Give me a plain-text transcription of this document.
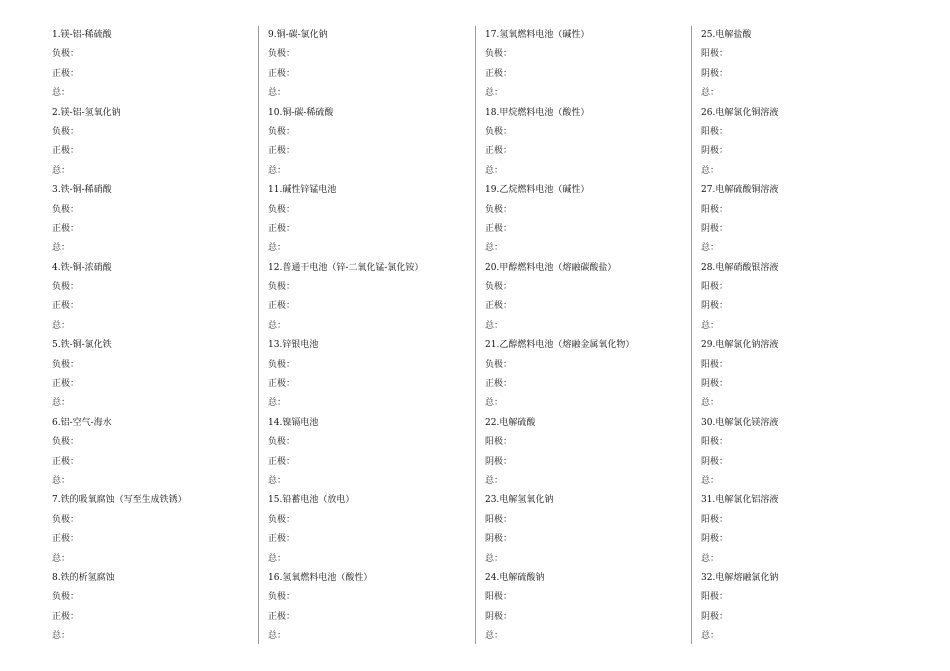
1.镁-铝-稀硫酸
负极：
正极：
总：
2.镁-铝-氢氧化钠
负极：
正极：
总：
3.铁-铜-稀硝酸
负极：
正极：
总：
4.铁-铜-浓硝酸
负极：
正极：
总：
5.铁-铜-氯化铁
负极：
正极：
总：
6.铝-空气-海水
负极：
正极：
总：
7.铁的吸氧腐蚀（写至生成铁锈）
负极：
正极：
总：
8.铁的析氢腐蚀
负极：
正极：
总：
9.铜-碳-氯化钠
负极：
正极：
总：
10.铜-碳-稀硫酸
负极：
正极：
总：
11.碱性锌锰电池
负极：
正极：
总：
12.普通干电池（锌-二氧化锰-氯化铵）
负极：
正极：
总：
13.锌银电池
负极：
正极：
总：
14.镍镉电池
负极：
正极：
总：
15.铅蓄电池（放电）
负极：
正极：
总：
16.氢氧燃料电池（酸性）
负极：
正极：
总：
17.氢氧燃料电池（碱性）
负极：
正极：
总：
18.甲烷燃料电池（酸性）
负极：
正极：
总：
19.乙烷燃料电池（碱性）
负极：
正极：
总：
20.甲醇燃料电池（熔融碳酸盐）
负极：
正极：
总：
21.乙醇燃料电池（熔融金属氧化物）
负极：
正极：
总：
22.电解硫酸
阳极：
阴极：
总：
23.电解氢氧化钠
阳极：
阴极：
总：
24.电解硫酸钠
阳极：
阴极：
总：
25.电解盐酸
阳极：
阴极：
总：
26.电解氯化铜溶液
阳极：
阴极：
总：
27.电解硫酸铜溶液
阳极：
阴极：
总：
28.电解硝酸银溶液
阳极：
阴极：
总：
29.电解氯化钠溶液
阳极：
阴极：
总：
30.电解氯化镁溶液
阳极：
阴极：
总：
31.电解氯化铝溶液
阳极：
阴极：
总：
32.电解熔融氯化钠
阳极：
阴极：
总：
